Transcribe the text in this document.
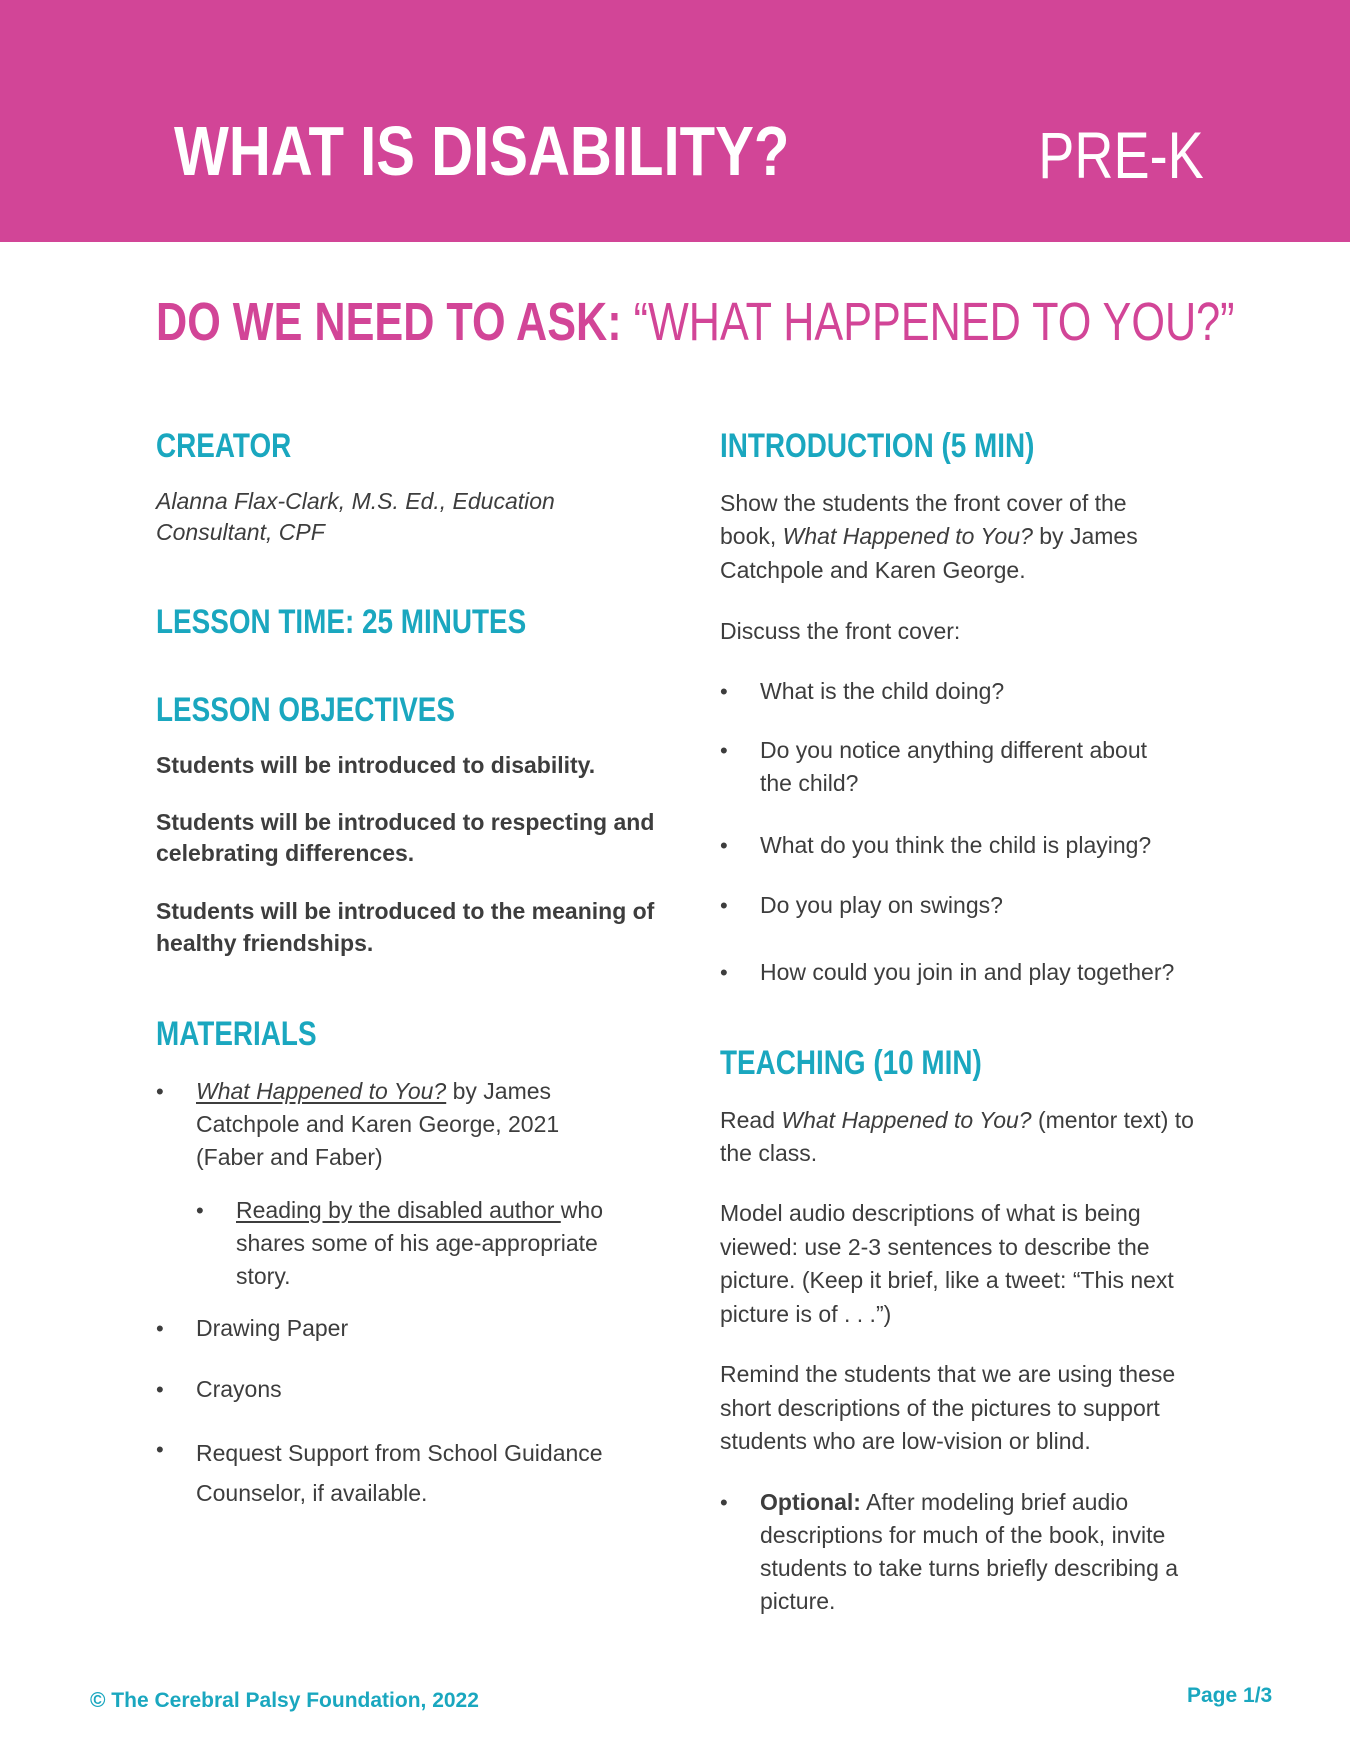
WHAT IS DISABILITY?	PRE-K
DO WE NEED TO ASK: “WHAT HAPPENED TO YOU?”
CREATOR
Alanna Flax-Clark, M.S. Ed., Education
Consultant, CPF
LESSON TIME: 25 MINUTES
LESSON OBJECTIVES
Students will be introduced to disability.
Students will be introduced to respecting and
celebrating differences.
Students will be introduced to the meaning of
healthy friendships.
MATERIALS
• What Happened to You? by James
Catchpole and Karen George, 2021
(Faber and Faber)
• Reading by the disabled author who
shares some of his age-appropriate
story.
• Drawing Paper
• Crayons
• Request Support from School Guidance
Counselor, if available.
INTRODUCTION (5 MIN)
Show the students the front cover of the
book, What Happened to You? by James
Catchpole and Karen George.
Discuss the front cover:
• What is the child doing?
• Do you notice anything different about
the child?
• What do you think the child is playing?
• Do you play on swings?
• How could you join in and play together?
TEACHING (10 MIN)
Read What Happened to You? (mentor text) to
the class.
Model audio descriptions of what is being
viewed: use 2-3 sentences to describe the
picture. (Keep it brief, like a tweet: “This next
picture is of . . .”)
Remind the students that we are using these
short descriptions of the pictures to support
students who are low-vision or blind.
• Optional: After modeling brief audio
descriptions for much of the book, invite
students to take turns briefly describing a
picture.
© The Cerebral Palsy Foundation, 2022	Page 1/3
